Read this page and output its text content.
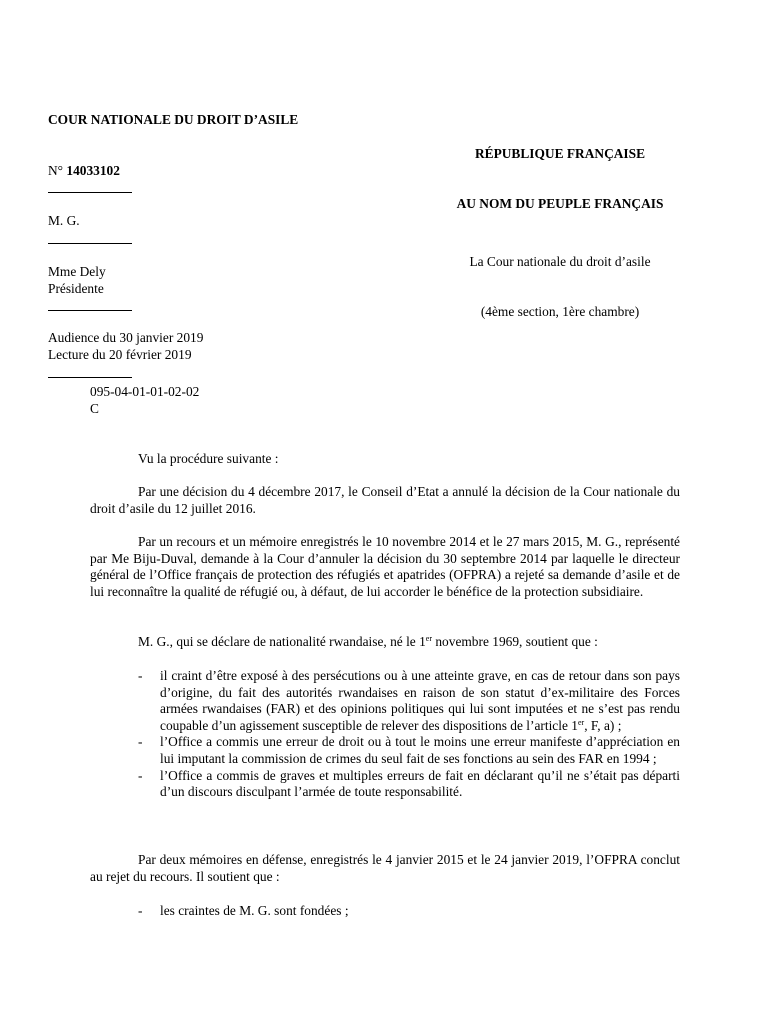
COUR NATIONALE DU DROIT D’ASILE
N° 14033102
M. G.
Mme Dely
Présidente
Audience du 30 janvier 2019
Lecture du 20 février 2019
095-04-01-01-02-02
C
RÉPUBLIQUE FRANÇAISE
AU NOM DU PEUPLE FRANÇAIS
La Cour nationale du droit d’asile
(4ème section, 1ère chambre)

Vu la procédure suivante :

Par une décision du 4 décembre 2017, le Conseil d’Etat a annulé la décision de la Cour nationale du droit d’asile du 12 juillet 2016.

Par un recours et un mémoire enregistrés le 10 novembre 2014 et le 27 mars 2015, M. G., représenté par Me Biju-Duval, demande à la Cour d’annuler la décision du 30 septembre 2014 par laquelle le directeur général de l’Office français de protection des réfugiés et apatrides (OFPRA) a rejeté sa demande d’asile et de lui reconnaître la qualité de réfugié ou, à défaut, de lui accorder le bénéfice de la protection subsidiaire.

M. G., qui se déclare de nationalité rwandaise, né le 1er novembre 1969, soutient que :

- il craint d’être exposé à des persécutions ou à une atteinte grave, en cas de retour dans son pays d’origine, du fait des autorités rwandaises en raison de son statut d’ex-militaire des Forces armées rwandaises (FAR) et des opinions politiques qui lui sont imputées et ne s’est pas rendu coupable d’un agissement susceptible de relever des dispositions de l’article 1er, F, a) ;
- l’Office a commis une erreur de droit ou à tout le moins une erreur manifeste d’appréciation en lui imputant la commission de crimes du seul fait de ses fonctions au sein des FAR en 1994 ;
- l’Office a commis de graves et multiples erreurs de fait en déclarant qu’il ne s’était pas départi d’un discours disculpant l’armée de toute responsabilité.

Par deux mémoires en défense, enregistrés le 4 janvier 2015 et le 24 janvier 2019, l’OFPRA conclut au rejet du recours. Il soutient que :

- les craintes de M. G. sont fondées ;
